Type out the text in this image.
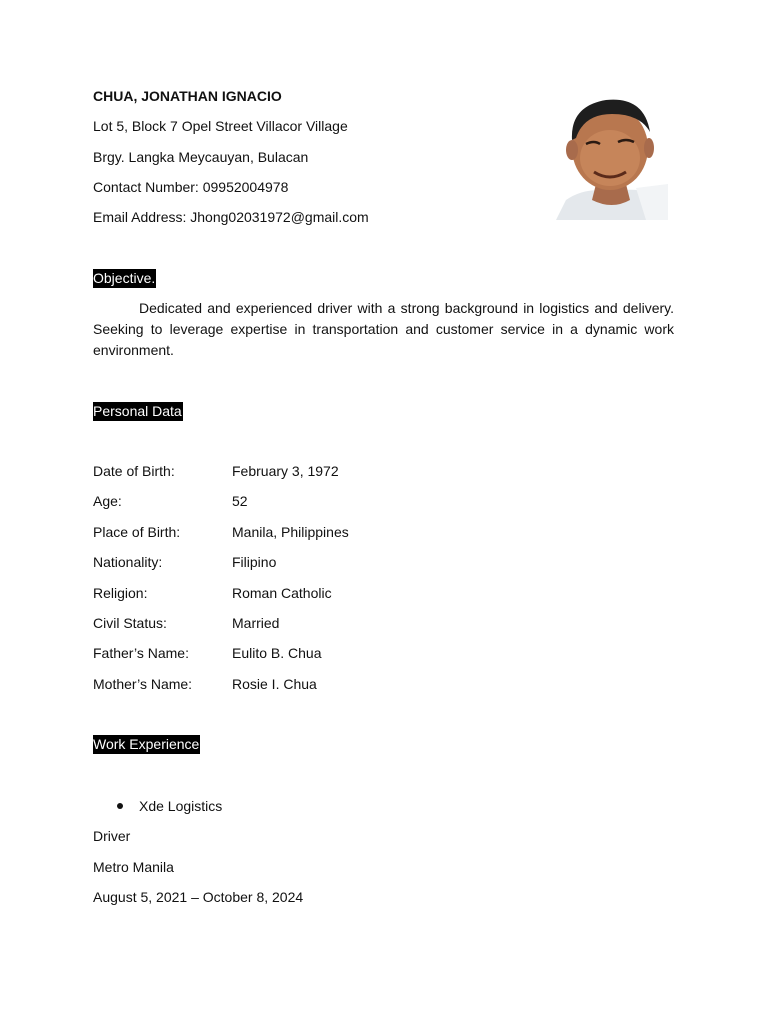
CHUA, JONATHAN IGNACIO
Lot 5, Block 7 Opel Street Villacor Village
Brgy. Langka Meycauyan, Bulacan
Contact Number: 09952004978
Email Address: Jhong02031972@gmail.com
Objective.
Dedicated and experienced driver with a strong background in logistics and delivery. Seeking to leverage expertise in transportation and customer service in a dynamic work environment.
Personal Data
Date of Birth:	February 3, 1972
Age:	52
Place of Birth:	Manila, Philippines
Nationality:	Filipino
Religion:	Roman Catholic
Civil Status:	Married
Father’s Name:	Eulito B. Chua
Mother’s Name:	Rosie I. Chua
Work Experience
Xde Logistics
Driver
Metro Manila
August 5, 2021 – October 8, 2024
